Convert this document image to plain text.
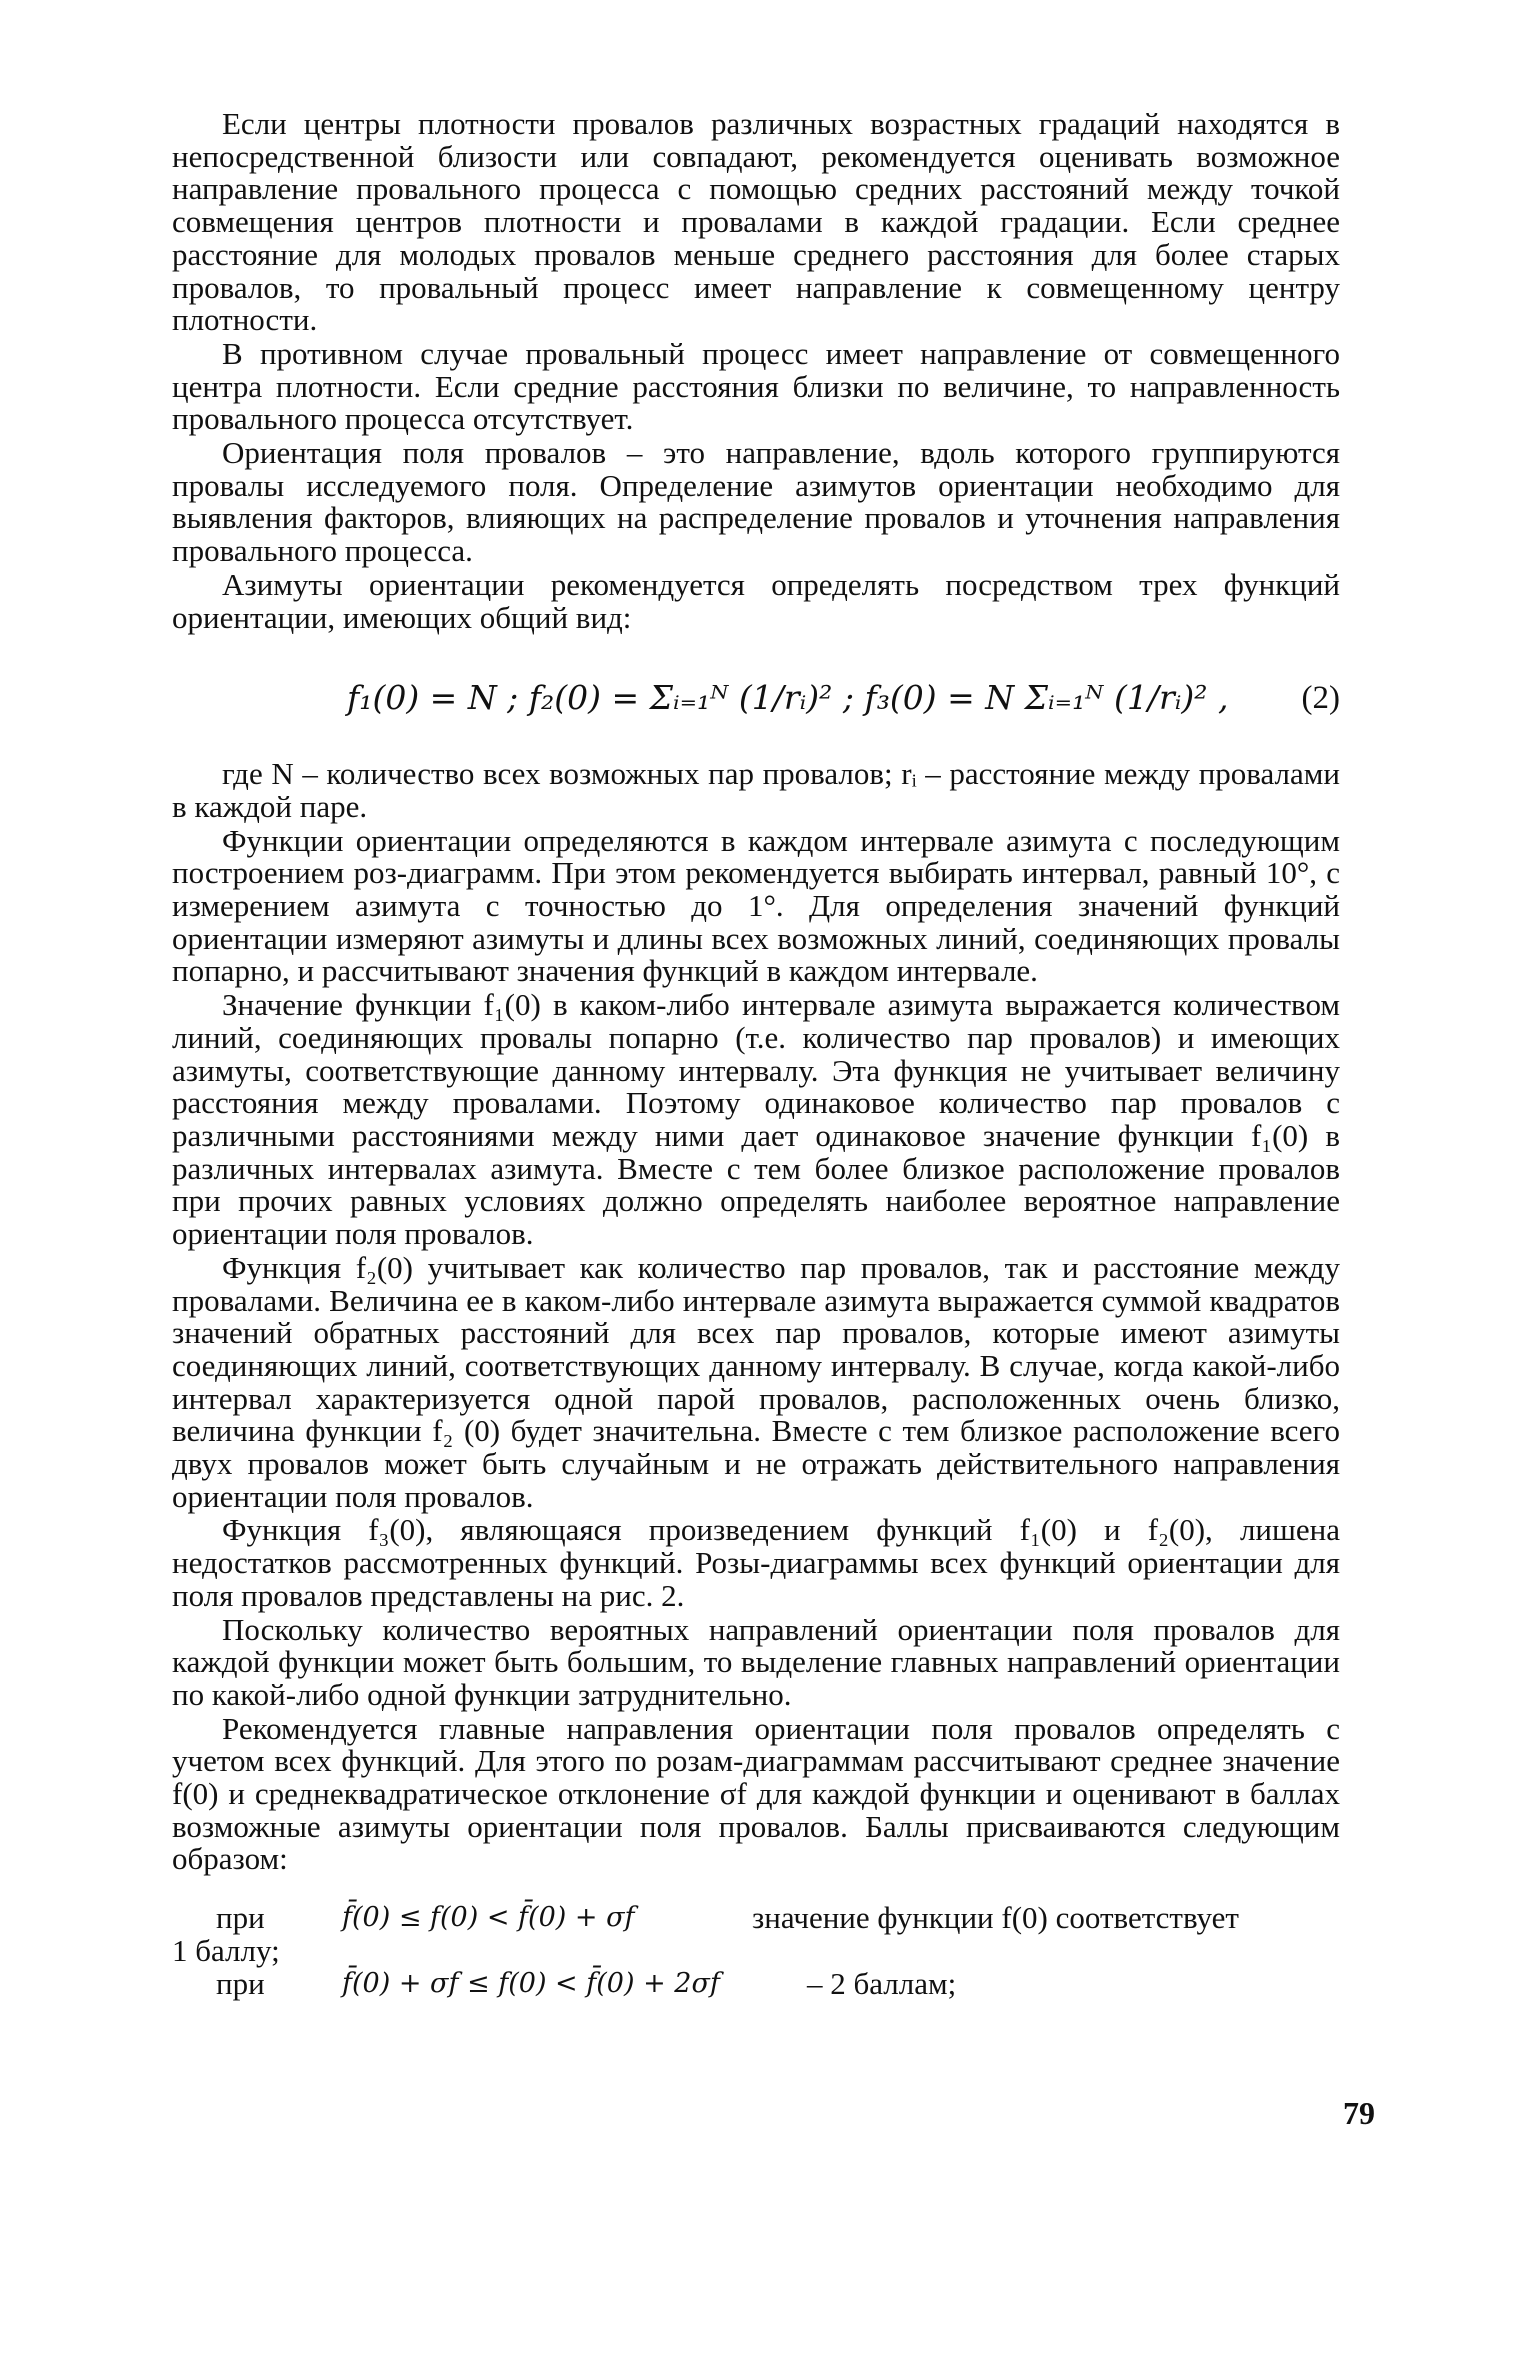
Если центры плотности провалов различных возрастных градаций находятся в непосредственной близости или совпадают, рекомендуется оценивать возможное направление провального процесса с помощью средних расстояний между точкой совмещения центров плотности и провалами в каждой градации. Если среднее расстояние для молодых провалов меньше среднего расстояния для более старых провалов, то провальный процесс имеет направление к совмещенному центру плотности.

В противном случае провальный процесс имеет направление от совмещенного центра плотности. Если средние расстояния близки по величине, то направленность провального процесса отсутствует.

Ориентация поля провалов – это направление, вдоль которого группируются провалы исследуемого поля. Определение азимутов ориентации необходимо для выявления факторов, влияющих на распределение провалов и уточнения направления провального процесса.

Азимуты ориентации рекомендуется определять посредством трех функций ориентации, имеющих общий вид:

f₁(0) = N ; f₂(0) = Σᵢ₌₁ᴺ (1/rᵢ)² ; f₃(0) = N Σᵢ₌₁ᴺ (1/rᵢ)² , (2)

где N – количество всех возможных пар провалов; rᵢ – расстояние между провалами в каждой паре.

Функции ориентации определяются в каждом интервале азимута с последующим построением роз-диаграмм. При этом рекомендуется выбирать интервал, равный 10°, с измерением азимута с точностью до 1°. Для определения значений функций ориентации измеряют азимуты и длины всех возможных линий, соединяющих провалы попарно, и рассчитывают значения функций в каждом интервале.

Значение функции f₁(0) в каком-либо интервале азимута выражается количеством линий, соединяющих провалы попарно (т.е. количество пар провалов) и имеющих азимуты, соответствующие данному интервалу. Эта функция не учитывает величину расстояния между провалами. Поэтому одинаковое количество пар провалов с различными расстояниями между ними дает одинаковое значение функции f₁(0) в различных интервалах азимута. Вместе с тем более близкое расположение провалов при прочих равных условиях должно определять наиболее вероятное направление ориентации поля провалов.

Функция f₂(0) учитывает как количество пар провалов, так и расстояние между провалами. Величина ее в каком-либо интервале азимута выражается суммой квадратов значений обратных расстояний для всех пар провалов, которые имеют азимуты соединяющих линий, соответствующих данному интервалу. В случае, когда какой-либо интервал характеризуется одной парой провалов, расположенных очень близко, величина функции f₂ (0) будет значительна. Вместе с тем близкое расположение всего двух провалов может быть случайным и не отражать действительного направления ориентации поля провалов.

Функция f₃(0), являющаяся произведением функций f₁(0) и f₂(0), лишена недостатков рассмотренных функций. Розы-диаграммы всех функций ориентации для поля провалов представлены на рис. 2.

Поскольку количество вероятных направлений ориентации поля провалов для каждой функции может быть большим, то выделение главных направлений ориентации по какой-либо одной функции затруднительно.

Рекомендуется главные направления ориентации поля провалов определять с учетом всех функций. Для этого по розам-диаграммам рассчитывают среднее значение f(0) и среднеквадратическое отклонение σf для каждой функции и оценивают в баллах возможные азимуты ориентации поля провалов. Баллы присваиваются следующим образом:

при	f̄(0) ≤ f(0) < f̄(0) + σf	значение функции f(0) соответствует
1 баллу;
при	f̄(0) + σf ≤ f(0) < f̄(0) + 2σf	– 2 баллам;
79
